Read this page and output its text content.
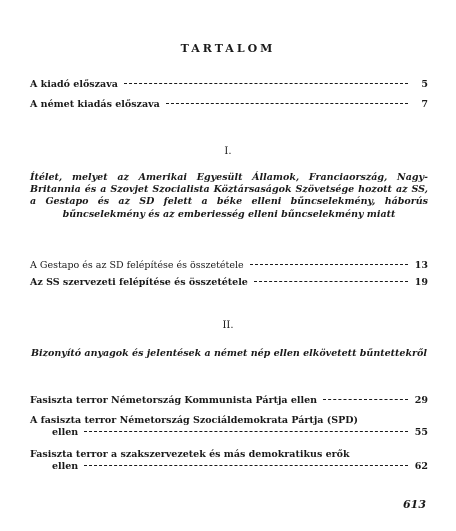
TARTALOM
A kiadó előszava	5
A német kiadás előszava	7
I.
Ítélet, melyet az Amerikai Egyesült Államok, Franciaország, Nagy-Britannia és a Szovjet Szocialista Köztársaságok Szövetsége hozott az SS, a Gestapo és az SD felett a béke elleni bűncselekmény, háborús bűncselekmény és az emberiesség elleni bűncselekmény miatt
A Gestapo és az SD felépítése és összetétele	13
Az SS szervezeti felépítése és összetétele	19
II.
Bizonyító anyagok és jelentések a német nép ellen elkövetett bűntettekről
Fasiszta terror Németország Kommunista Pártja ellen	29
A fasiszta terror Németország Szociáldemokrata Pártja (SPD)
ellen	55
Fasiszta terror a szakszervezetek és más demokratikus erők
ellen	62
613
